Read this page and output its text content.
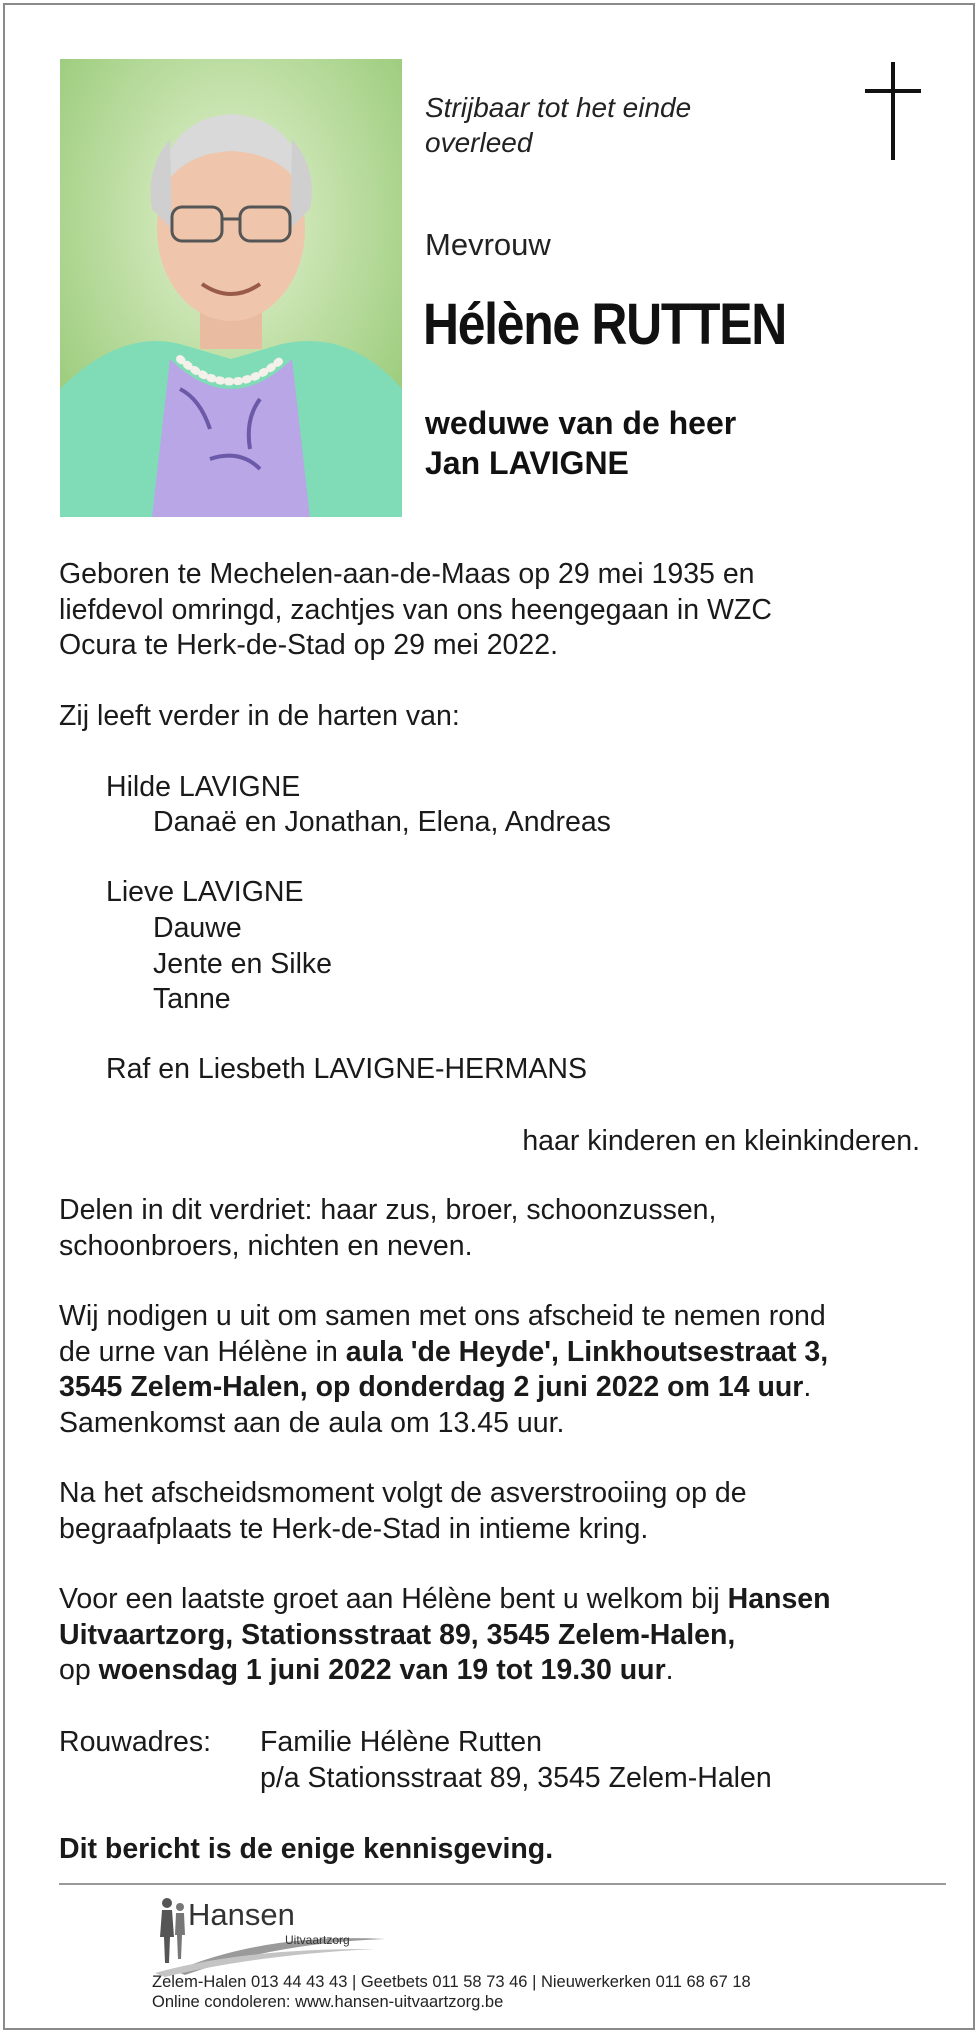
Strijbaar tot het einde
overleed
Mevrouw
Hélène RUTTEN
weduwe van de heer
Jan LAVIGNE
Geboren te Mechelen-aan-de-Maas op 29 mei 1935 en
liefdevol omringd, zachtjes van ons heengegaan in WZC
Ocura te Herk-de-Stad op 29 mei 2022.
Zij leeft verder in de harten van:
Hilde LAVIGNE
Danaë en Jonathan, Elena, Andreas
Lieve LAVIGNE
Dauwe
Jente en Silke
Tanne
Raf en Liesbeth LAVIGNE-HERMANS
haar kinderen en kleinkinderen.
Delen in dit verdriet: haar zus, broer, schoonzussen,
schoonbroers, nichten en neven.
Wij nodigen u uit om samen met ons afscheid te nemen rond
de urne van Hélène in aula 'de Heyde', Linkhoutsestraat 3,
3545 Zelem-Halen, op donderdag 2 juni 2022 om 14 uur.
Samenkomst aan de aula om 13.45 uur.
Na het afscheidsmoment volgt de asverstrooiing op de
begraafplaats te Herk-de-Stad in intieme kring.
Voor een laatste groet aan Hélène bent u welkom bij Hansen
Uitvaartzorg, Stationsstraat 89, 3545 Zelem-Halen,
op woensdag 1 juni 2022 van 19 tot 19.30 uur.
Rouwadres: Familie Hélène Rutten
p/a Stationsstraat 89, 3545 Zelem-Halen
Dit bericht is de enige kennisgeving.
Hansen
Uitvaartzorg
Zelem-Halen 013 44 43 43 | Geetbets 011 58 73 46 | Nieuwerkerken 011 68 67 18
Online condoleren: www.hansen-uitvaartzorg.be
